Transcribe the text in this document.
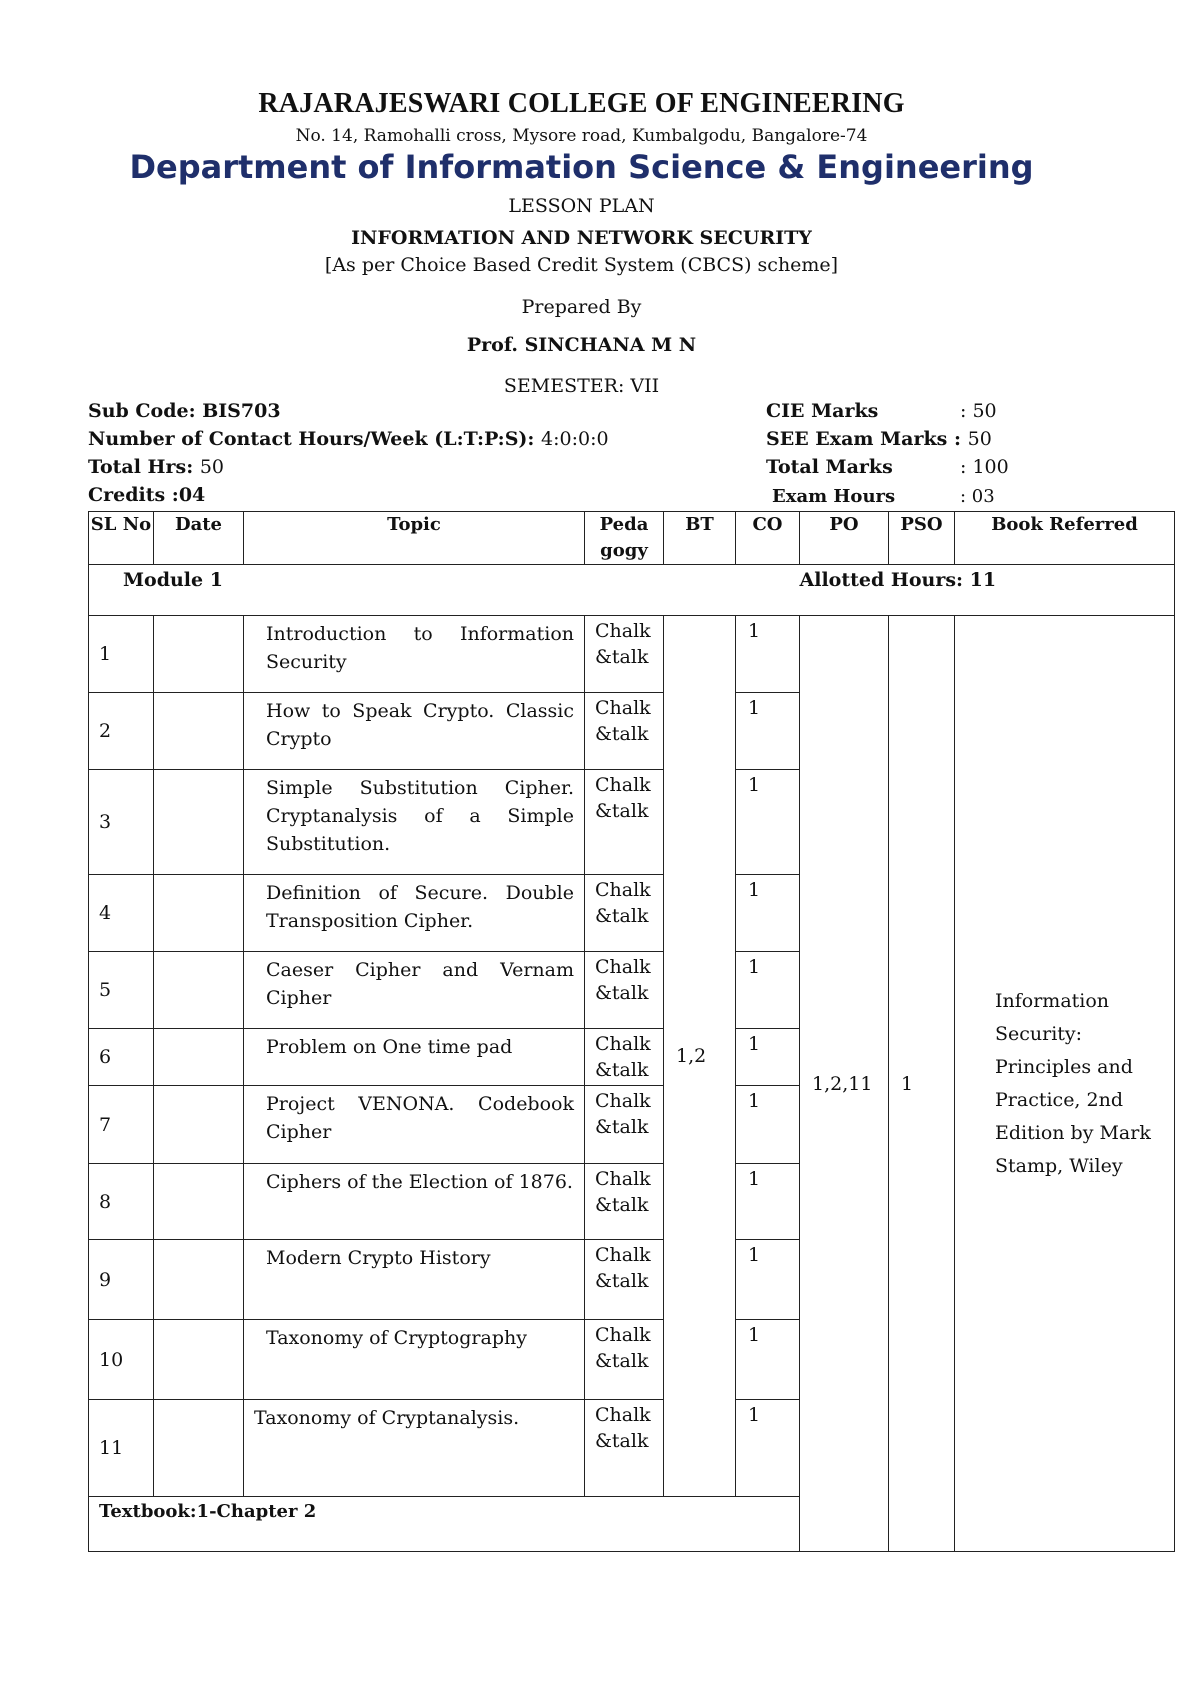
RAJARAJESWARI COLLEGE OF ENGINEERING
No. 14, Ramohalli cross, Mysore road, Kumbalgodu, Bangalore-74
Department of Information Science & Engineering
LESSON PLAN
INFORMATION AND NETWORK SECURITY
[As per Choice Based Credit System (CBCS) scheme]
Prepared By
Prof. SINCHANA M N
SEMESTER: VII
Sub Code: BIS703
Number of Contact Hours/Week (L:T:P:S): 4:0:0:0
Total Hrs: 50
Credits :04
CIE Marks	: 50
SEE Exam Marks : 50
Total Marks	: 100
Exam Hours	: 03
SL No	Date	Topic	Peda gogy	BT	CO	PO	PSO	Book Referred

Module 1						Allotted Hours: 11		

1		Introduction to Information Security	Chalk &talk	1,2	1	1,2,11	1	Information Security: Principles and Practice, 2nd Edition by Mark Stamp, Wiley
2		How to Speak Crypto. Classic Crypto	Chalk &talk		1			
3		Simple Substitution Cipher. Cryptanalysis of a Simple Substitution.	Chalk &talk		1			
4		Definition of Secure. Double Transposition Cipher.	Chalk &talk		1			
5		Caeser Cipher and Vernam Cipher	Chalk &talk		1			
6		Problem on One time pad	Chalk &talk		1			
7		Project VENONA. Codebook Cipher	Chalk &talk		1			
8		Ciphers of the Election of 1876.	Chalk &talk		1			
9		Modern Crypto History	Chalk &talk		1			
10		Taxonomy of Cryptography	Chalk &talk		1			
11		Taxonomy of Cryptanalysis.	Chalk &talk		1			
Textbook:1-Chapter 2								
